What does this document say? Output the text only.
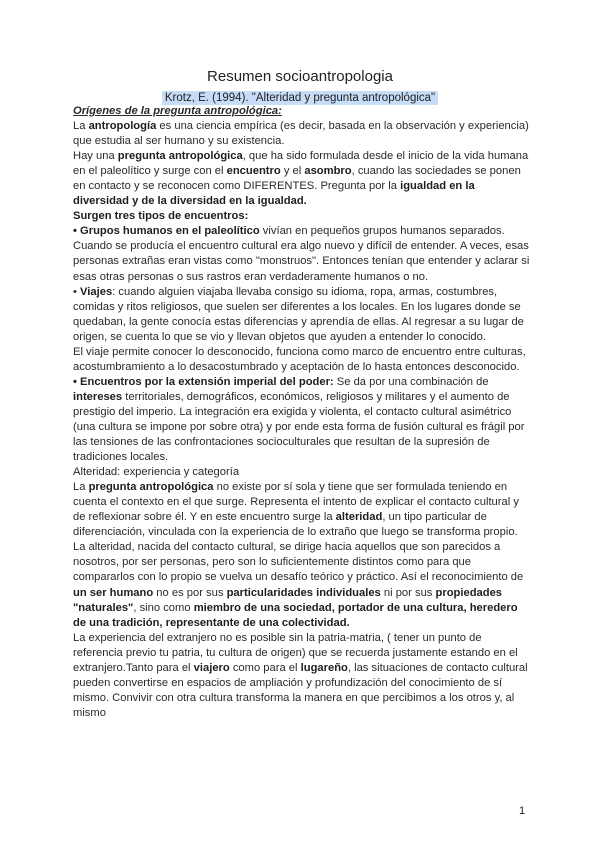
Resumen socioantropologia
Krotz, E. (1994). "Alteridad y pregunta antropológica"

Orígenes de la pregunta antropológica:

La antropología es una ciencia empírica (es decir, basada en la observación y experiencia) que estudia al ser humano y su existencia.

Hay una pregunta antropológica, que ha sido formulada desde el inicio de la vida humana en el paleolítico y surge con el encuentro y el asombro, cuando las sociedades se ponen en contacto y se reconocen como DIFERENTES. Pregunta por la igualdad en la diversidad y de la diversidad en la igualdad.

Surgen tres tipos de encuentros:

• Grupos humanos en el paleolítico vivían en pequeños grupos humanos separados. Cuando se producía el encuentro cultural era algo nuevo y difícil de entender. A veces, esas personas extrañas eran vistas como "monstruos". Entonces tenían que entender y aclarar si esas otras personas o sus rastros eran verdaderamente humanos o no.

• Viajes: cuando alguien viajaba llevaba consigo su idioma, ropa, armas, costumbres, comidas y ritos religiosos, que suelen ser diferentes a los locales. En los lugares donde se quedaban, la gente conocía estas diferencias y aprendía de ellas. Al regresar a su lugar de origen, se cuenta lo que se vio y llevan objetos que ayuden a entender lo conocido.

El viaje permite conocer lo desconocido, funciona como marco de encuentro entre culturas, acostumbramiento a lo desacostumbrado y aceptación de lo hasta entonces desconocido.

• Encuentros por la extensión imperial del poder: Se da por una combinación de intereses territoriales, demográficos, económicos, religiosos y militares y el aumento de prestigio del imperio. La integración era exigida y violenta, el contacto cultural asimétrico (una cultura se impone por sobre otra) y por ende esta forma de fusión cultural es frágil por las tensiones de las confrontaciones socioculturales que resultan de la supresión de tradiciones locales.

Alteridad: experiencia y categoría

La pregunta antropológica no existe por sí sola y tiene que ser formulada teniendo en cuenta el contexto en el que surge. Representa el intento de explicar el contacto cultural y de reflexionar sobre él. Y en este encuentro surge la alteridad, un tipo particular de diferenciación, vinculada con la experiencia de lo extraño que luego se transforma propio. La alteridad, nacida del contacto cultural, se dirige hacia aquellos que son parecidos a nosotros, por ser personas, pero son lo suficientemente distintos como para que compararlos con lo propio se vuelva un desafío teórico y práctico. Así el reconocimiento de un ser humano no es por sus particularidades individuales ni por sus propiedades "naturales", sino como miembro de una sociedad, portador de una cultura, heredero de una tradición, representante de una colectividad.

La experiencia del extranjero no es posible sin la patria-matria, ( tener un punto de referencia previo tu patria, tu cultura de origen) que se recuerda justamente estando en el extranjero.Tanto para el viajero como para el lugareño, las situaciones de contacto cultural pueden convertirse en espacios de ampliación y profundización del conocimiento de sí mismo. Convivir con otra cultura transforma la manera en que percibimos a los otros y, al mismo

1
